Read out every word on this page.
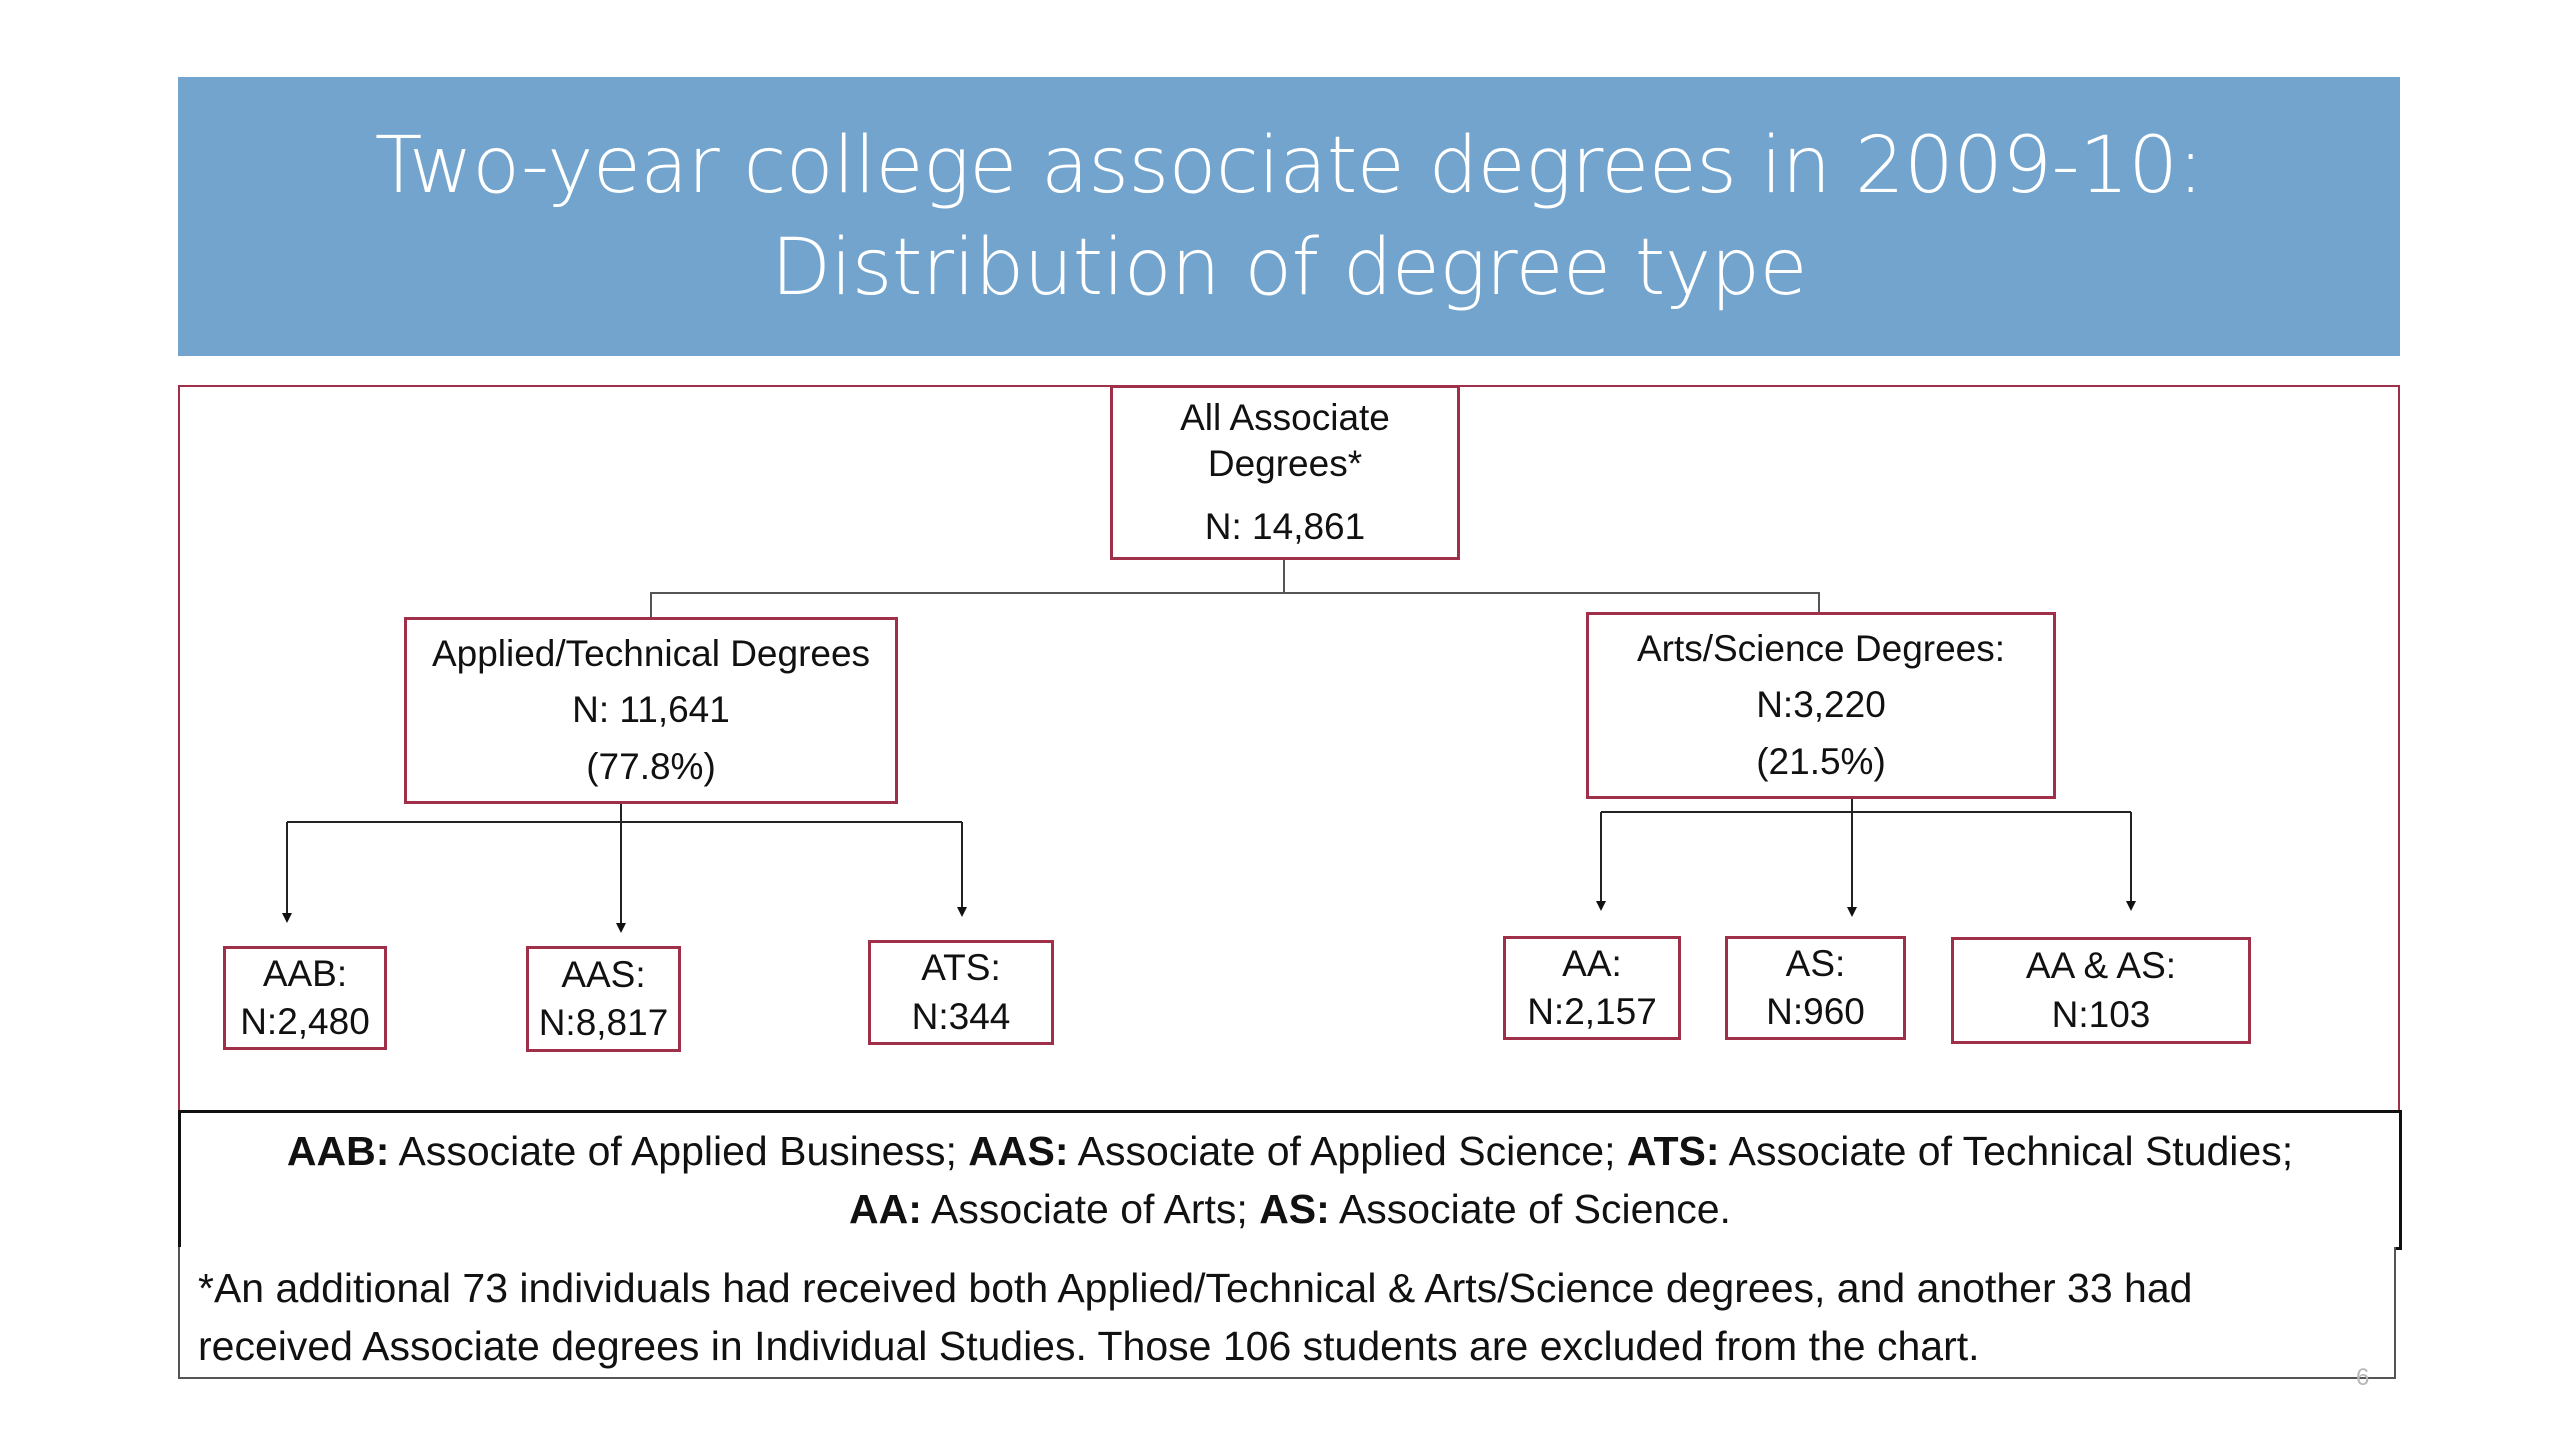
Two-year college associate degrees in 2009-10:
Distribution of degree type
All Associate
Degrees*
N: 14,861
Applied/Technical Degrees
N: 11,641
(77.8%)
Arts/Science Degrees:
N:3,220
(21.5%)
AAB:
N:2,480
AAS:
N:8,817
ATS:
N:344
AA:
N:2,157
AS:
N:960
AA & AS:
N:103
AAB: Associate of Applied Business; AAS: Associate of Applied Science; ATS: Associate of Technical Studies;
AA: Associate of Arts; AS: Associate of Science.
*An additional 73 individuals had received both Applied/Technical & Arts/Science degrees, and another 33 had
received Associate degrees in Individual Studies. Those 106 students are excluded from the chart.
6
